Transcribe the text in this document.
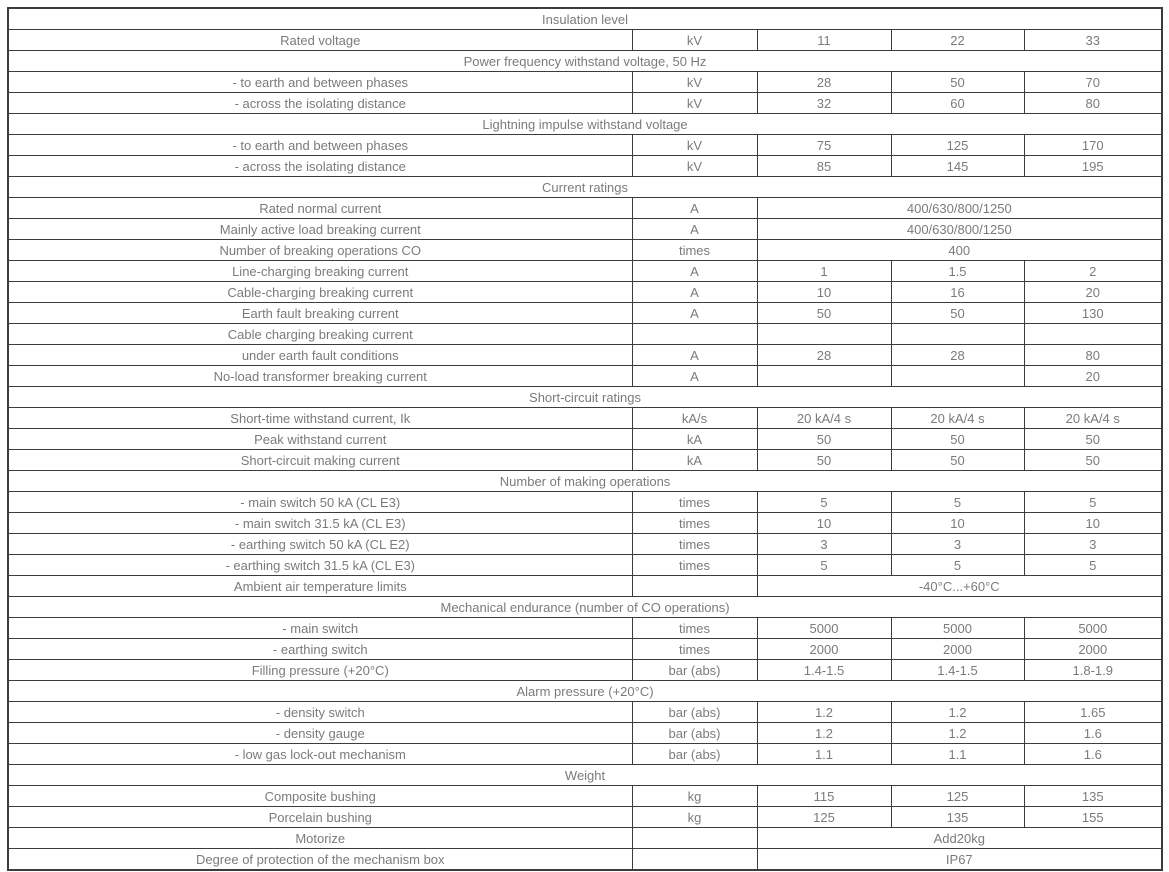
Insulation level				
Rated voltage	kV	11	22	33
Power frequency withstand voltage, 50 Hz				
- to earth and between phases	kV	28	50	70
- across the isolating distance	kV	32	60	80
Lightning impulse withstand voltage				
- to earth and between phases	kV	75	125	170
- across the isolating distance	kV	85	145	195
Current ratings				
Rated normal current	A	400/630/800/1250		
Mainly active load breaking current	A	400/630/800/1250		
Number of breaking operations CO	times	400		
Line-charging breaking current	A	1	1.5	2
Cable-charging breaking current	A	10	16	20
Earth fault breaking current	A	50	50	130
Cable charging breaking current				
under earth fault conditions	A	28	28	80
No-load transformer breaking current	A			20
Short-circuit ratings				
Short-time withstand current, Ik	kA/s	20 kA/4 s	20 kA/4 s	20 kA/4 s
Peak withstand current	kA	50	50	50
Short-circuit making current	kA	50	50	50
Number of making operations				
- main switch 50 kA (CL E3)	times	5	5	5
- main switch 31.5 kA (CL E3)	times	10	10	10
- earthing switch 50 kA (CL E2)	times	3	3	3
- earthing switch 31.5 kA (CL E3)	times	5	5	5
Ambient air temperature limits		-40°C...+60°C		
Mechanical endurance (number of CO operations)				
- main switch	times	5000	5000	5000
- earthing switch	times	2000	2000	2000
Filling pressure (+20°C)	bar (abs)	1.4-1.5	1.4-1.5	1.8-1.9
Alarm pressure (+20°C)				
- density switch	bar (abs)	1.2	1.2	1.65
- density gauge	bar (abs)	1.2	1.2	1.6
- low gas lock-out mechanism	bar (abs)	1.1	1.1	1.6
Weight				
Composite bushing	kg	115	125	135
Porcelain bushing	kg	125	135	155
Motorize		Add20kg		
Degree of protection of the mechanism box		IP67		
